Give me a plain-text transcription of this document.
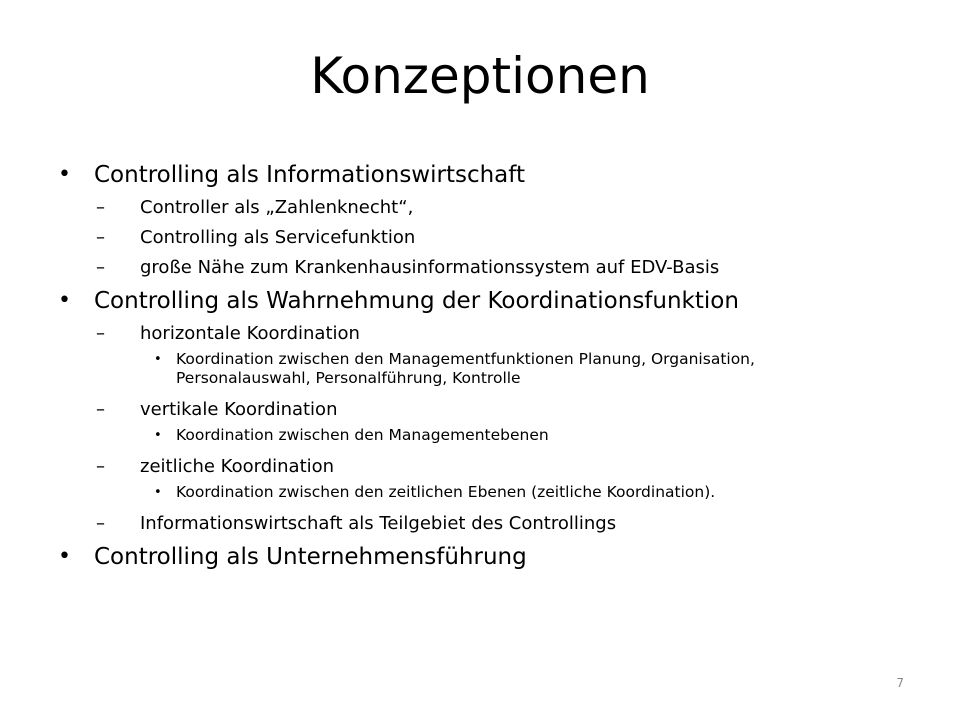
Konzeptionen
• Controlling als Informationswirtschaft
– Controller als „Zahlenknecht“,
– Controlling als Servicefunktion
– große Nähe zum Krankenhausinformationssystem auf EDV-Basis
• Controlling als Wahrnehmung der Koordinationsfunktion
– horizontale Koordination
• Koordination zwischen den Managementfunktionen Planung, Organisation, Personalauswahl, Personalführung, Kontrolle
– vertikale Koordination
• Koordination zwischen den Managementebenen
– zeitliche Koordination
• Koordination zwischen den zeitlichen Ebenen (zeitliche Koordination).
– Informationswirtschaft als Teilgebiet des Controllings
• Controlling als Unternehmensführung
7
